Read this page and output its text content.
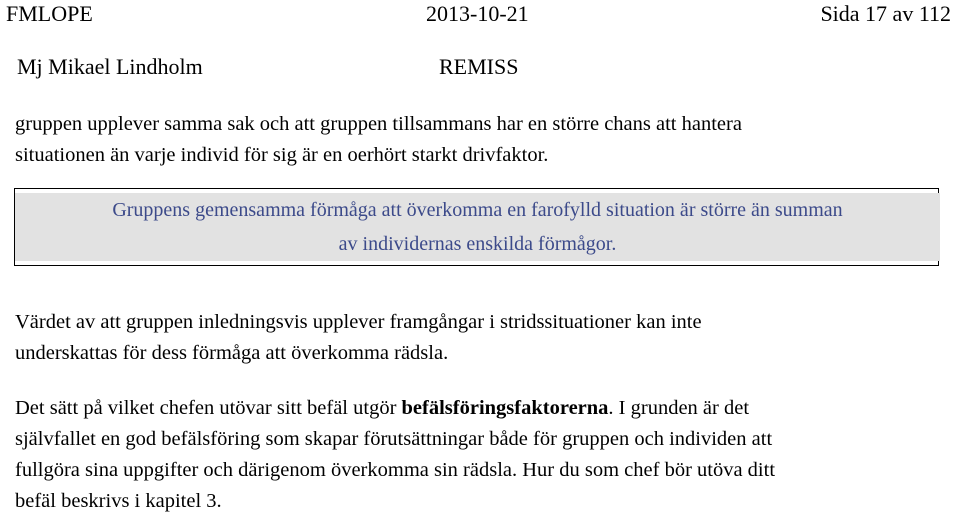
FMLOPE	2013-10-21	Sida 17 av 112
Mj Mikael Lindholm	REMISS
gruppen upplever samma sak och att gruppen tillsammans har en större chans att hantera
situationen än varje individ för sig är en oerhört starkt drivfaktor.
Gruppens gemensamma förmåga att överkomma en farofylld situation är större än summan
av individernas enskilda förmågor.
Värdet av att gruppen inledningsvis upplever framgångar i stridssituationer kan inte
underskattas för dess förmåga att överkomma rädsla.
Det sätt på vilket chefen utövar sitt befäl utgör befälsföringsfaktorerna. I grunden är det
självfallet en god befälsföring som skapar förutsättningar både för gruppen och individen att
fullgöra sina uppgifter och därigenom överkomma sin rädsla. Hur du som chef bör utöva ditt
befäl beskrivs i kapitel 3.
